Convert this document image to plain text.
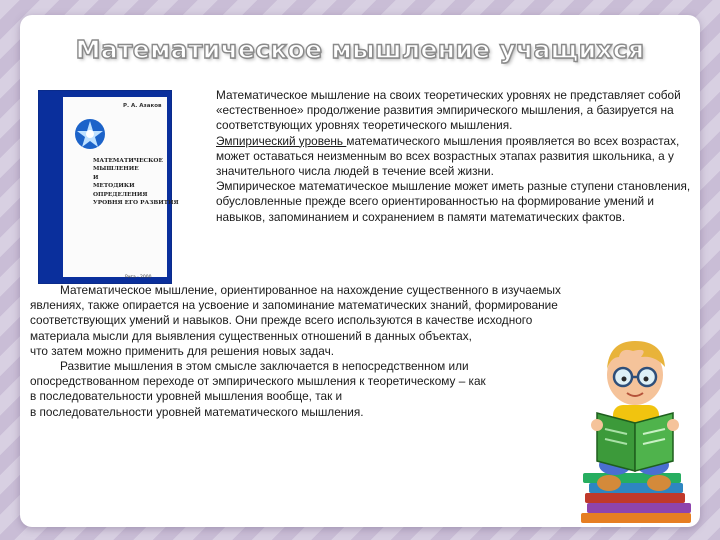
Математическое мышление учащихся
Р. А. Азаков
МАТЕМАТИЧЕСКОЕ
МЫШЛЕНИЕ
И
МЕТОДИКИ ОПРЕДЕЛЕНИЯ
УРОВНЯ ЕГО РАЗВИТИЯ
Рига · 2000

Математическое мышление на своих теоретических уровнях не представляет собой «естественное» продолжение развития эмпирического мышления, а базируется на соответствующих уровнях теоретического мышления.

Эмпирический уровень математического мышления проявляется во всех возрастах, может оставаться неизменным во всех возрастных этапах развития школьника, а у значительного числа людей в течение всей жизни.

Эмпирическое математическое мышление может иметь разные ступени становления, обусловленные прежде всего ориентированностью на формирование умений и навыков, запоминанием и сохранением в памяти математических фактов.

Математическое мышление, ориентированное на нахождение существенного в изучаемых
явлениях, также опирается на усвоение и запоминание математических знаний, формирование
соответствующих умений и навыков. Они прежде всего используются в качестве исходного
материала мысли для выявления существенных отношений в данных объектах,
что затем можно применить для решения новых задач.
Развитие мышления в этом смысле заключается в непосредственном или
опосредствованном переходе от эмпирического мышления к теоретическому – как
в последовательности уровней мышления вообще, так и
в последовательности уровней математического мышления.
